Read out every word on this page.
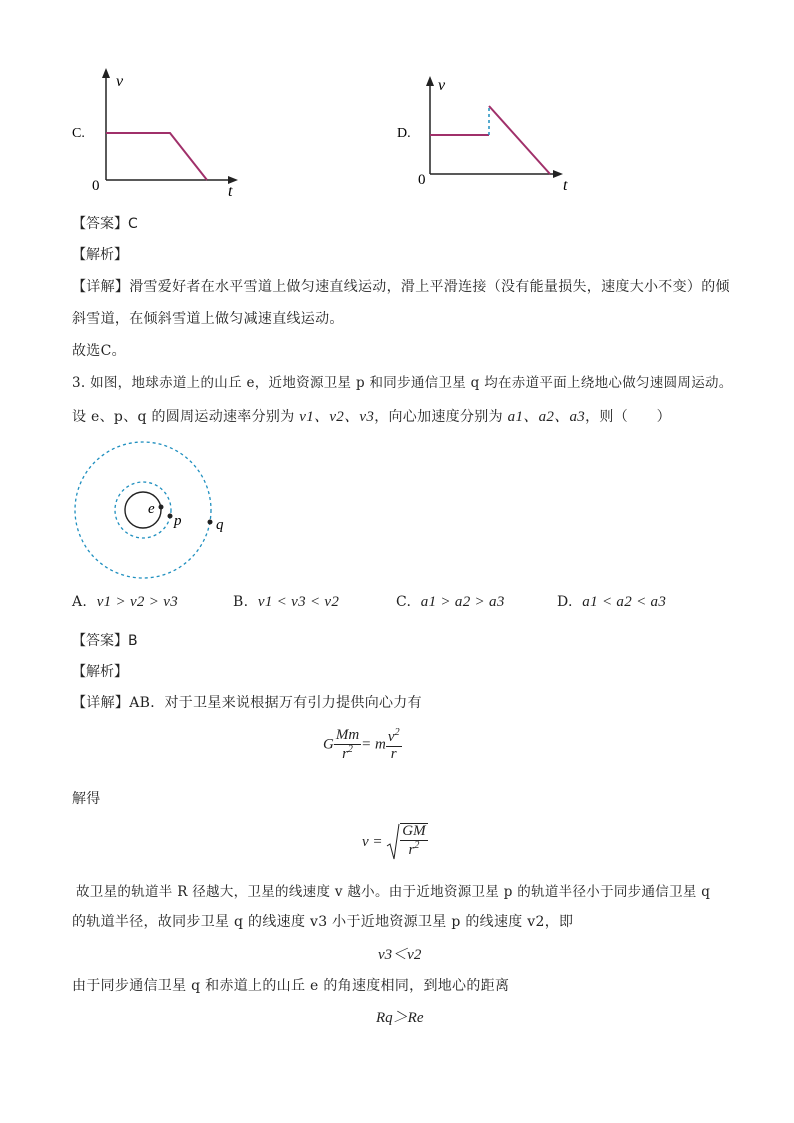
C.
v
t
0
D.
v
t
0
【答案】C
【解析】
【详解】滑雪爱好者在水平雪道上做匀速直线运动，滑上平滑连接（没有能量损失，速度大小不变）的倾
斜雪道，在倾斜雪道上做匀减速直线运动。
故选C。
3. 如图，地球赤道上的山丘 e，近地资源卫星 p 和同步通信卫星 q 均在赤道平面上绕地心做匀速圆周运动。
设 e、p、q 的圆周运动速率分别为 v1、v2、v3，向心加速度分别为 a1、a2、a3，则（　　）
e
p q
A. v1 > v2 > v3	B. v1 < v3 < v2	C. a1 > a2 > a3	D. a1 < a2 < a3
【答案】B
【解析】
【详解】AB．对于卫星来说根据万有引力提供向心力有
G $\frac{Mm}{r^2} = m \frac{v^2}{r}$
解得
$v = \frac{GM}{r^2}$
故卫星的轨道半 R 径越大，卫星的线速度 v 越小。由于近地资源卫星 p 的轨道半径小于同步通信卫星 q
的轨道半径，故同步卫星 q 的线速度 v3 小于近地资源卫星 p 的线速度 v2，即
v3＜v2
由于同步通信卫星 q 和赤道上的山丘 e 的角速度相同，到地心的距离
Rq＞Re
